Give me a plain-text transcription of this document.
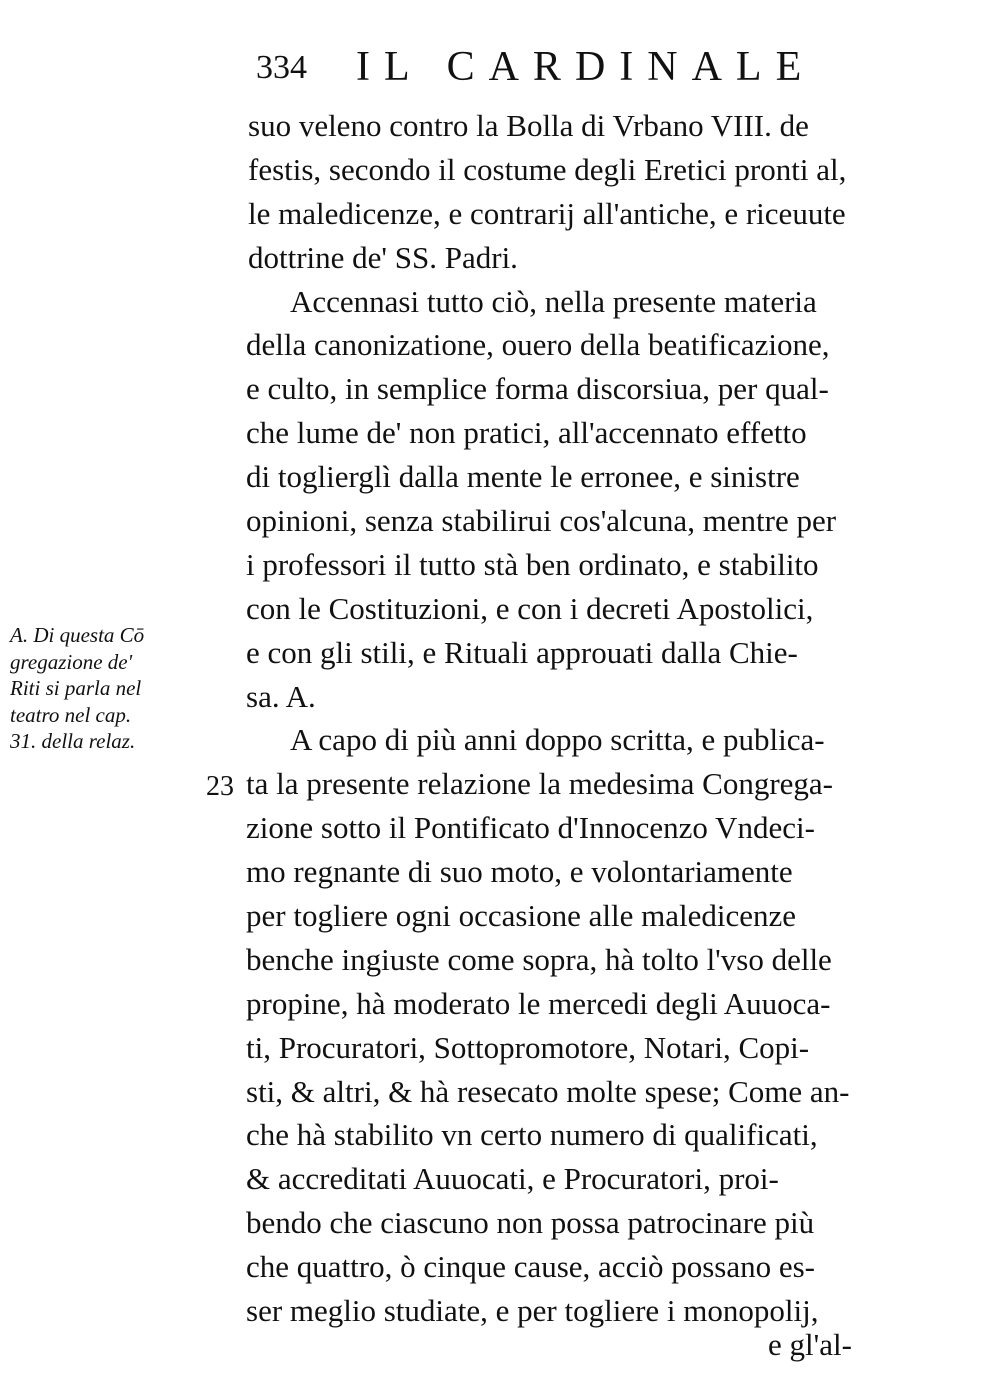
334 IL CARDINALE
suo veleno contro la Bolla di Vrbano VIII. de
festis, secondo il costume degli Eretici pronti al,
le maledicenze, e contrarij all'antiche, e riceuute
dottrine de' SS. Padri.
Accennasi tutto ciò, nella presente materia
della canonizatione, ouero della beatificazione,
e culto, in semplice forma discorsiua, per qual-
che lume de' non pratici, all'accennato effetto
di toglierglì dalla mente le erronee, e sinistre
opinioni, senza stabilirui cos'alcuna, mentre per
i professori il tutto stà ben ordinato, e stabilito
con le Costituzioni, e con i decreti Apostolici,
e con gli stili, e Rituali approuati dalla Chie-
sa. A.
A capo di più anni doppo scritta, e publica-
ta la presente relazione la medesima Congrega-
zione sotto il Pontificato d'Innocenzo Vndeci-
mo regnante di suo moto, e volontariamente
per togliere ogni occasione alle maledicenze
benche ingiuste come sopra, hà tolto l'vso delle
propine, hà moderato le mercedi degli Auuoca-
ti, Procuratori, Sottopromotore, Notari, Copi-
sti, & altri, & hà resecato molte spese; Come an-
che hà stabilito vn certo numero di qualificati,
& accreditati Auuocati, e Procuratori, proi-
bendo che ciascuno non possa patrocinare più
che quattro, ò cinque cause, acciò possano es-
ser meglio studiate, e per togliere i monopolij,
A. Di questa Cō
gregazione de'
Riti si parla nel
teatro nel cap.
31. della relaz.
23
e gl'al-
